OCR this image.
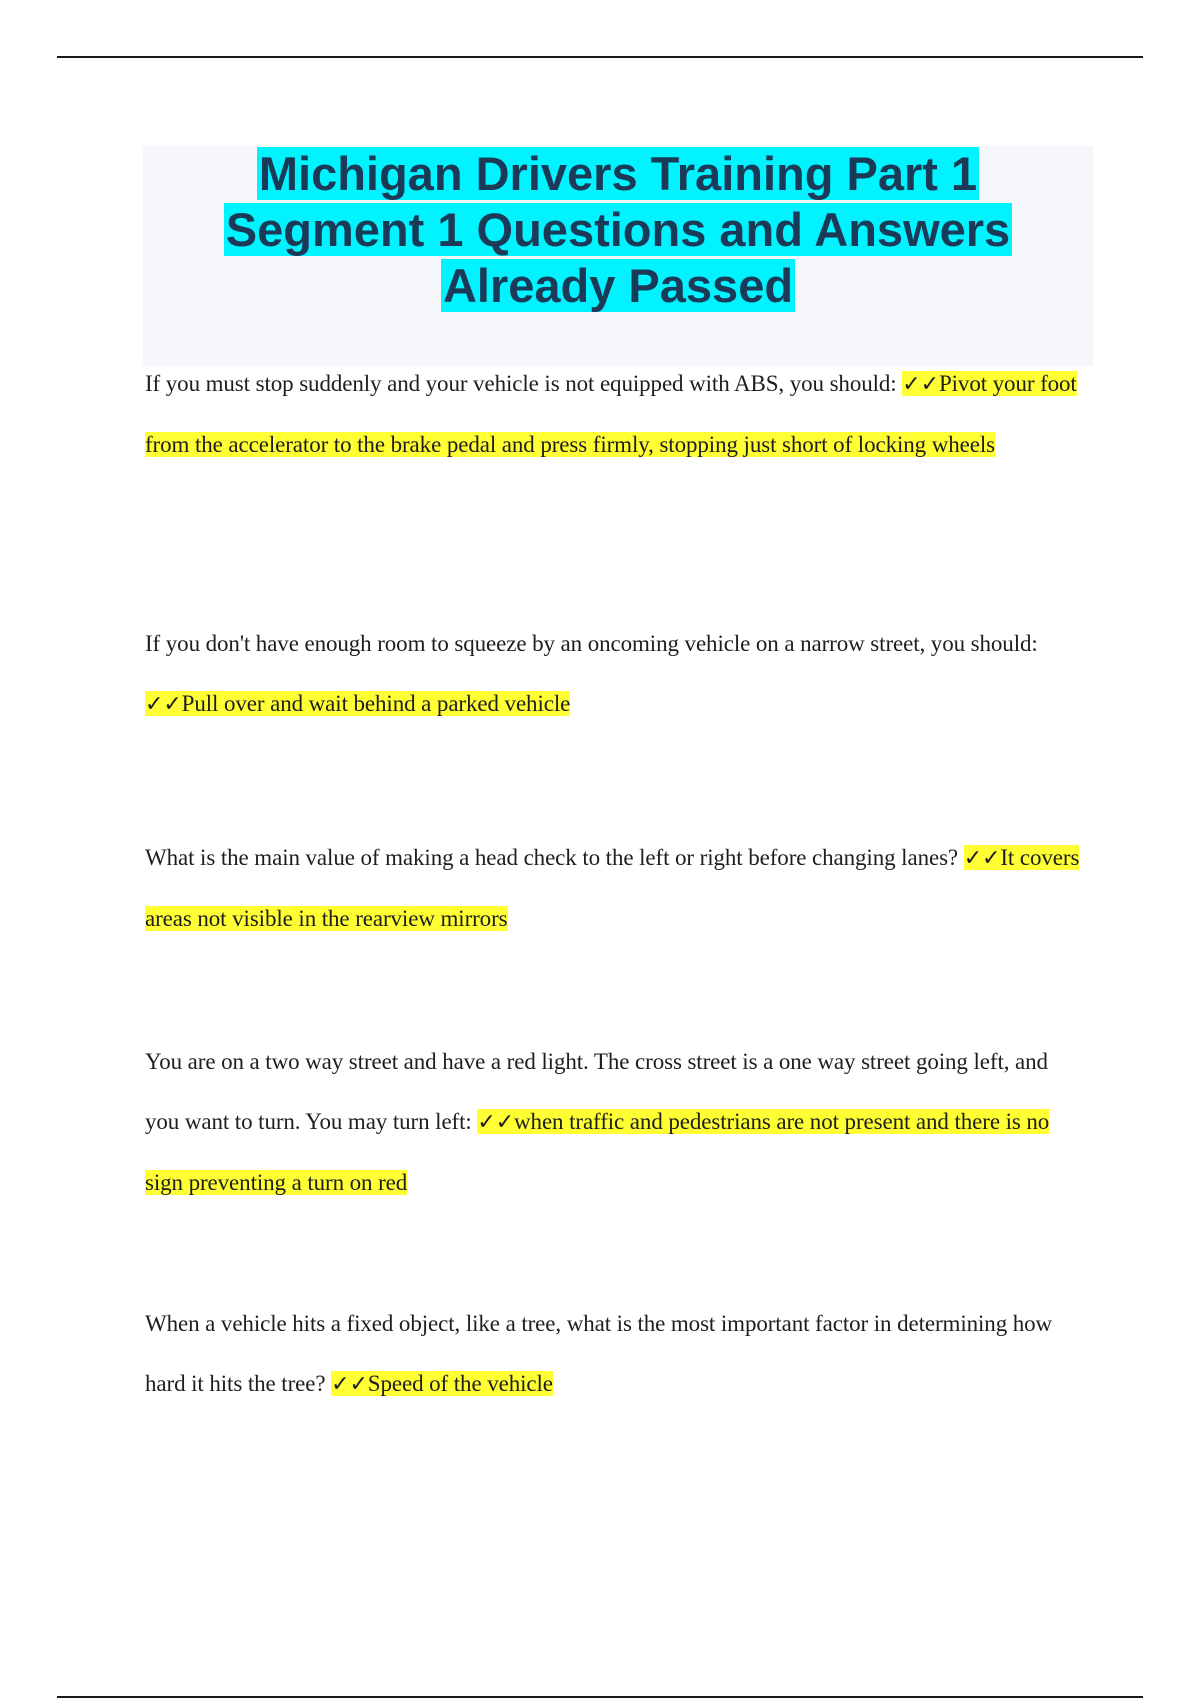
Michigan Drivers Training Part 1 Segment 1 Questions and Answers Already Passed

If you must stop suddenly and your vehicle is not equipped with ABS, you should: ✓✓Pivot your foot from the accelerator to the brake pedal and press firmly, stopping just short of locking wheels

If you don't have enough room to squeeze by an oncoming vehicle on a narrow street, you should: ✓✓Pull over and wait behind a parked vehicle

What is the main value of making a head check to the left or right before changing lanes? ✓✓It covers areas not visible in the rearview mirrors

You are on a two way street and have a red light. The cross street is a one way street going left, and you want to turn. You may turn left: ✓✓when traffic and pedestrians are not present and there is no sign preventing a turn on red

When a vehicle hits a fixed object, like a tree, what is the most important factor in determining how hard it hits the tree? ✓✓Speed of the vehicle
